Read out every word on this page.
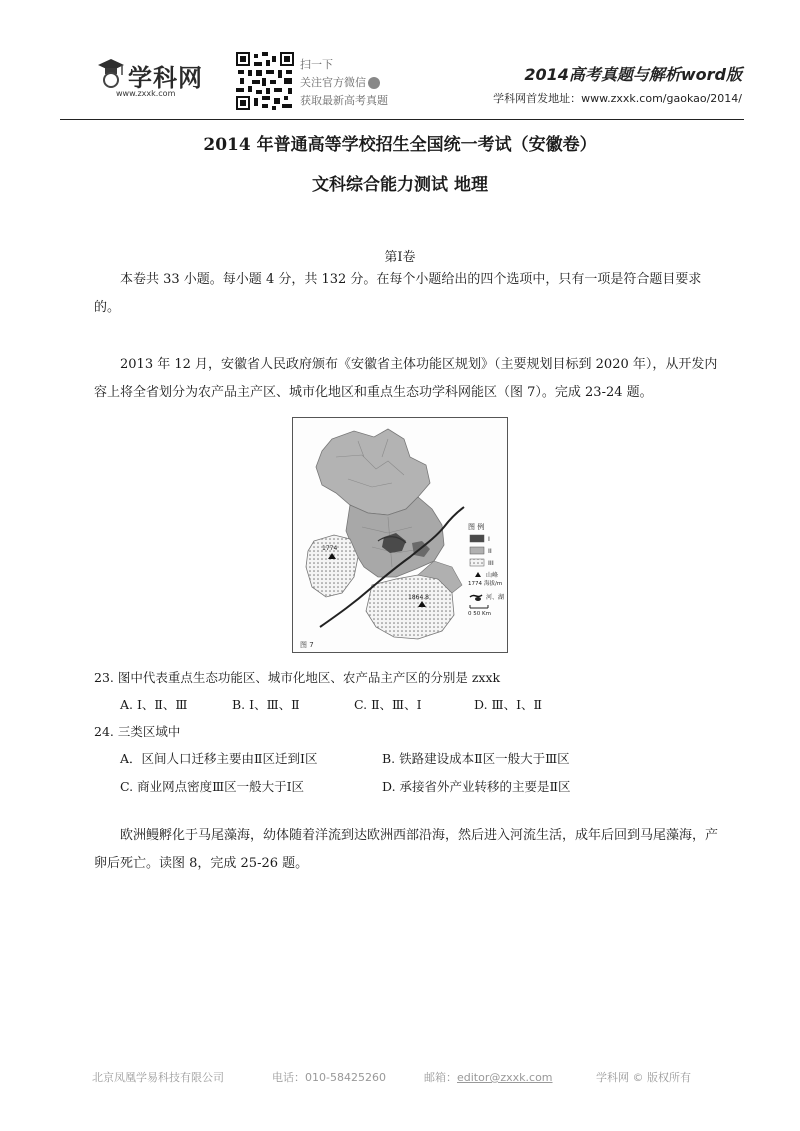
学科网
www.zxxk.com
扫一下
关注官方微信
获取最新高考真题
2014高考真题与解析word版
学科网首发地址：www.zxxk.com/gaokao/2014/
2014 年普通高等学校招生全国统一考试（安徽卷）
文科综合能力测试 地理
第Ⅰ卷
本卷共 33 小题。每小题 4 分，共 132 分。在每个小题给出的四个选项中，只有一项是符合题目要求的。
2013 年 12 月，安徽省人民政府颁布《安徽省主体功能区规划》（主要规划目标到 2020 年），从开发内容上将全省划分为农产品主产区、城市化地区和重点生态功学科网能区（图 7）。完成 23-24 题。
1774
1864.8
图 例
I
II
III
山峰
1774 海拔/m
河、湖
0 50 Km
图 7
23. 图中代表重点生态功能区、城市化地区、农产品主产区的分别是 zxxk
A. Ⅰ、Ⅱ、Ⅲ	B. Ⅰ、Ⅲ、Ⅱ	C. Ⅱ、Ⅲ、Ⅰ	D. Ⅲ、Ⅰ、Ⅱ
24. 三类区域中
A．区间人口迁移主要由Ⅱ区迁到Ⅰ区	B. 铁路建设成本Ⅱ区一般大于Ⅲ区
C. 商业网点密度Ⅲ区一般大于Ⅰ区	D. 承接省外产业转移的主要是Ⅱ区
欧洲鳗孵化于马尾藻海，幼体随着洋流到达欧洲西部沿海，然后进入河流生活，成年后回到马尾藻海，产卵后死亡。读图 8，完成 25-26 题。
北京凤凰学易科技有限公司	电话：010-58425260	邮箱：editor@zxxk.com	学科网 © 版权所有
